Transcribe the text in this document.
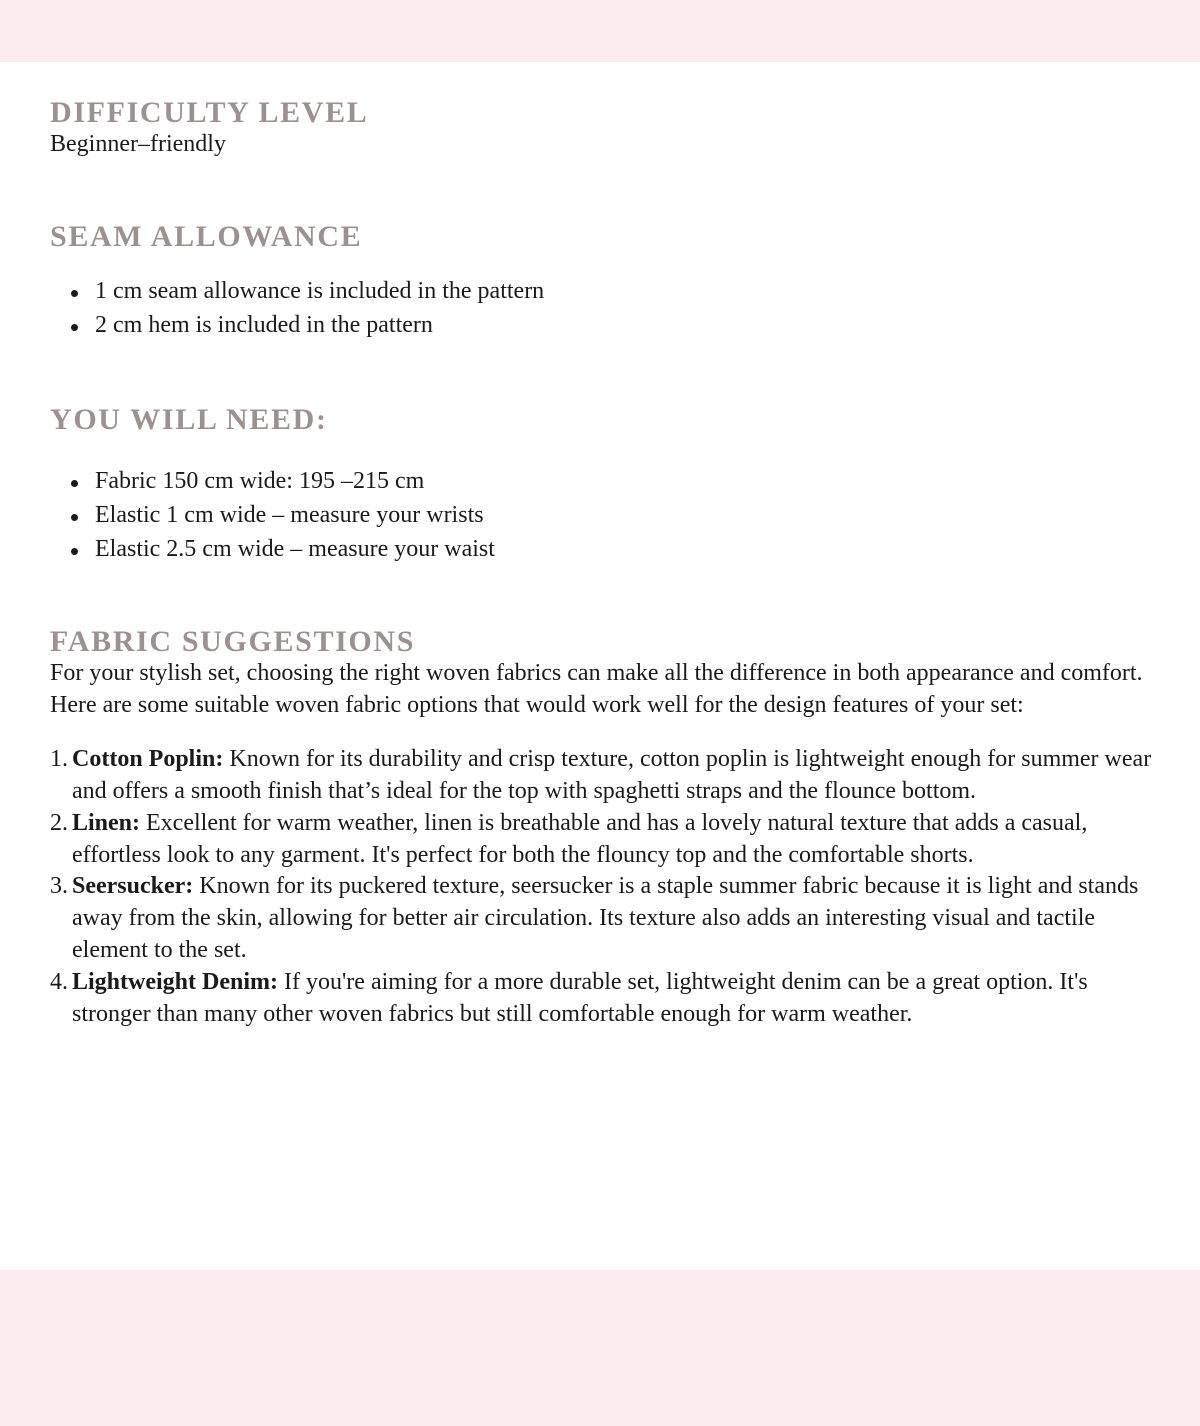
DIFFICULTY LEVEL

Beginner–friendly

SEAM ALLOWANCE
1 cm seam allowance is included in the pattern
2 cm hem is included in the pattern
YOU WILL NEED:
Fabric 150 cm wide: 195 –215 cm
Elastic 1 cm wide – measure your wrists
Elastic 2.5 cm wide – measure your waist
FABRIC SUGGESTIONS

For your stylish set, choosing the right woven fabrics can make all the difference in both appearance and comfort. Here are some suitable woven fabric options that would work well for the design features of your set:

Cotton Poplin: Known for its durability and crisp texture, cotton poplin is lightweight enough for summer wear and offers a smooth finish that’s ideal for the top with spaghetti straps and the flounce bottom.
Linen: Excellent for warm weather, linen is breathable and has a lovely natural texture that adds a casual, effortless look to any garment. It's perfect for both the flouncy top and the comfortable shorts.
Seersucker: Known for its puckered texture, seersucker is a staple summer fabric because it is light and stands away from the skin, allowing for better air circulation. Its texture also adds an interesting visual and tactile element to the set.
Lightweight Denim: If you're aiming for a more durable set, lightweight denim can be a great option. It's stronger than many other woven fabrics but still comfortable enough for warm weather.
